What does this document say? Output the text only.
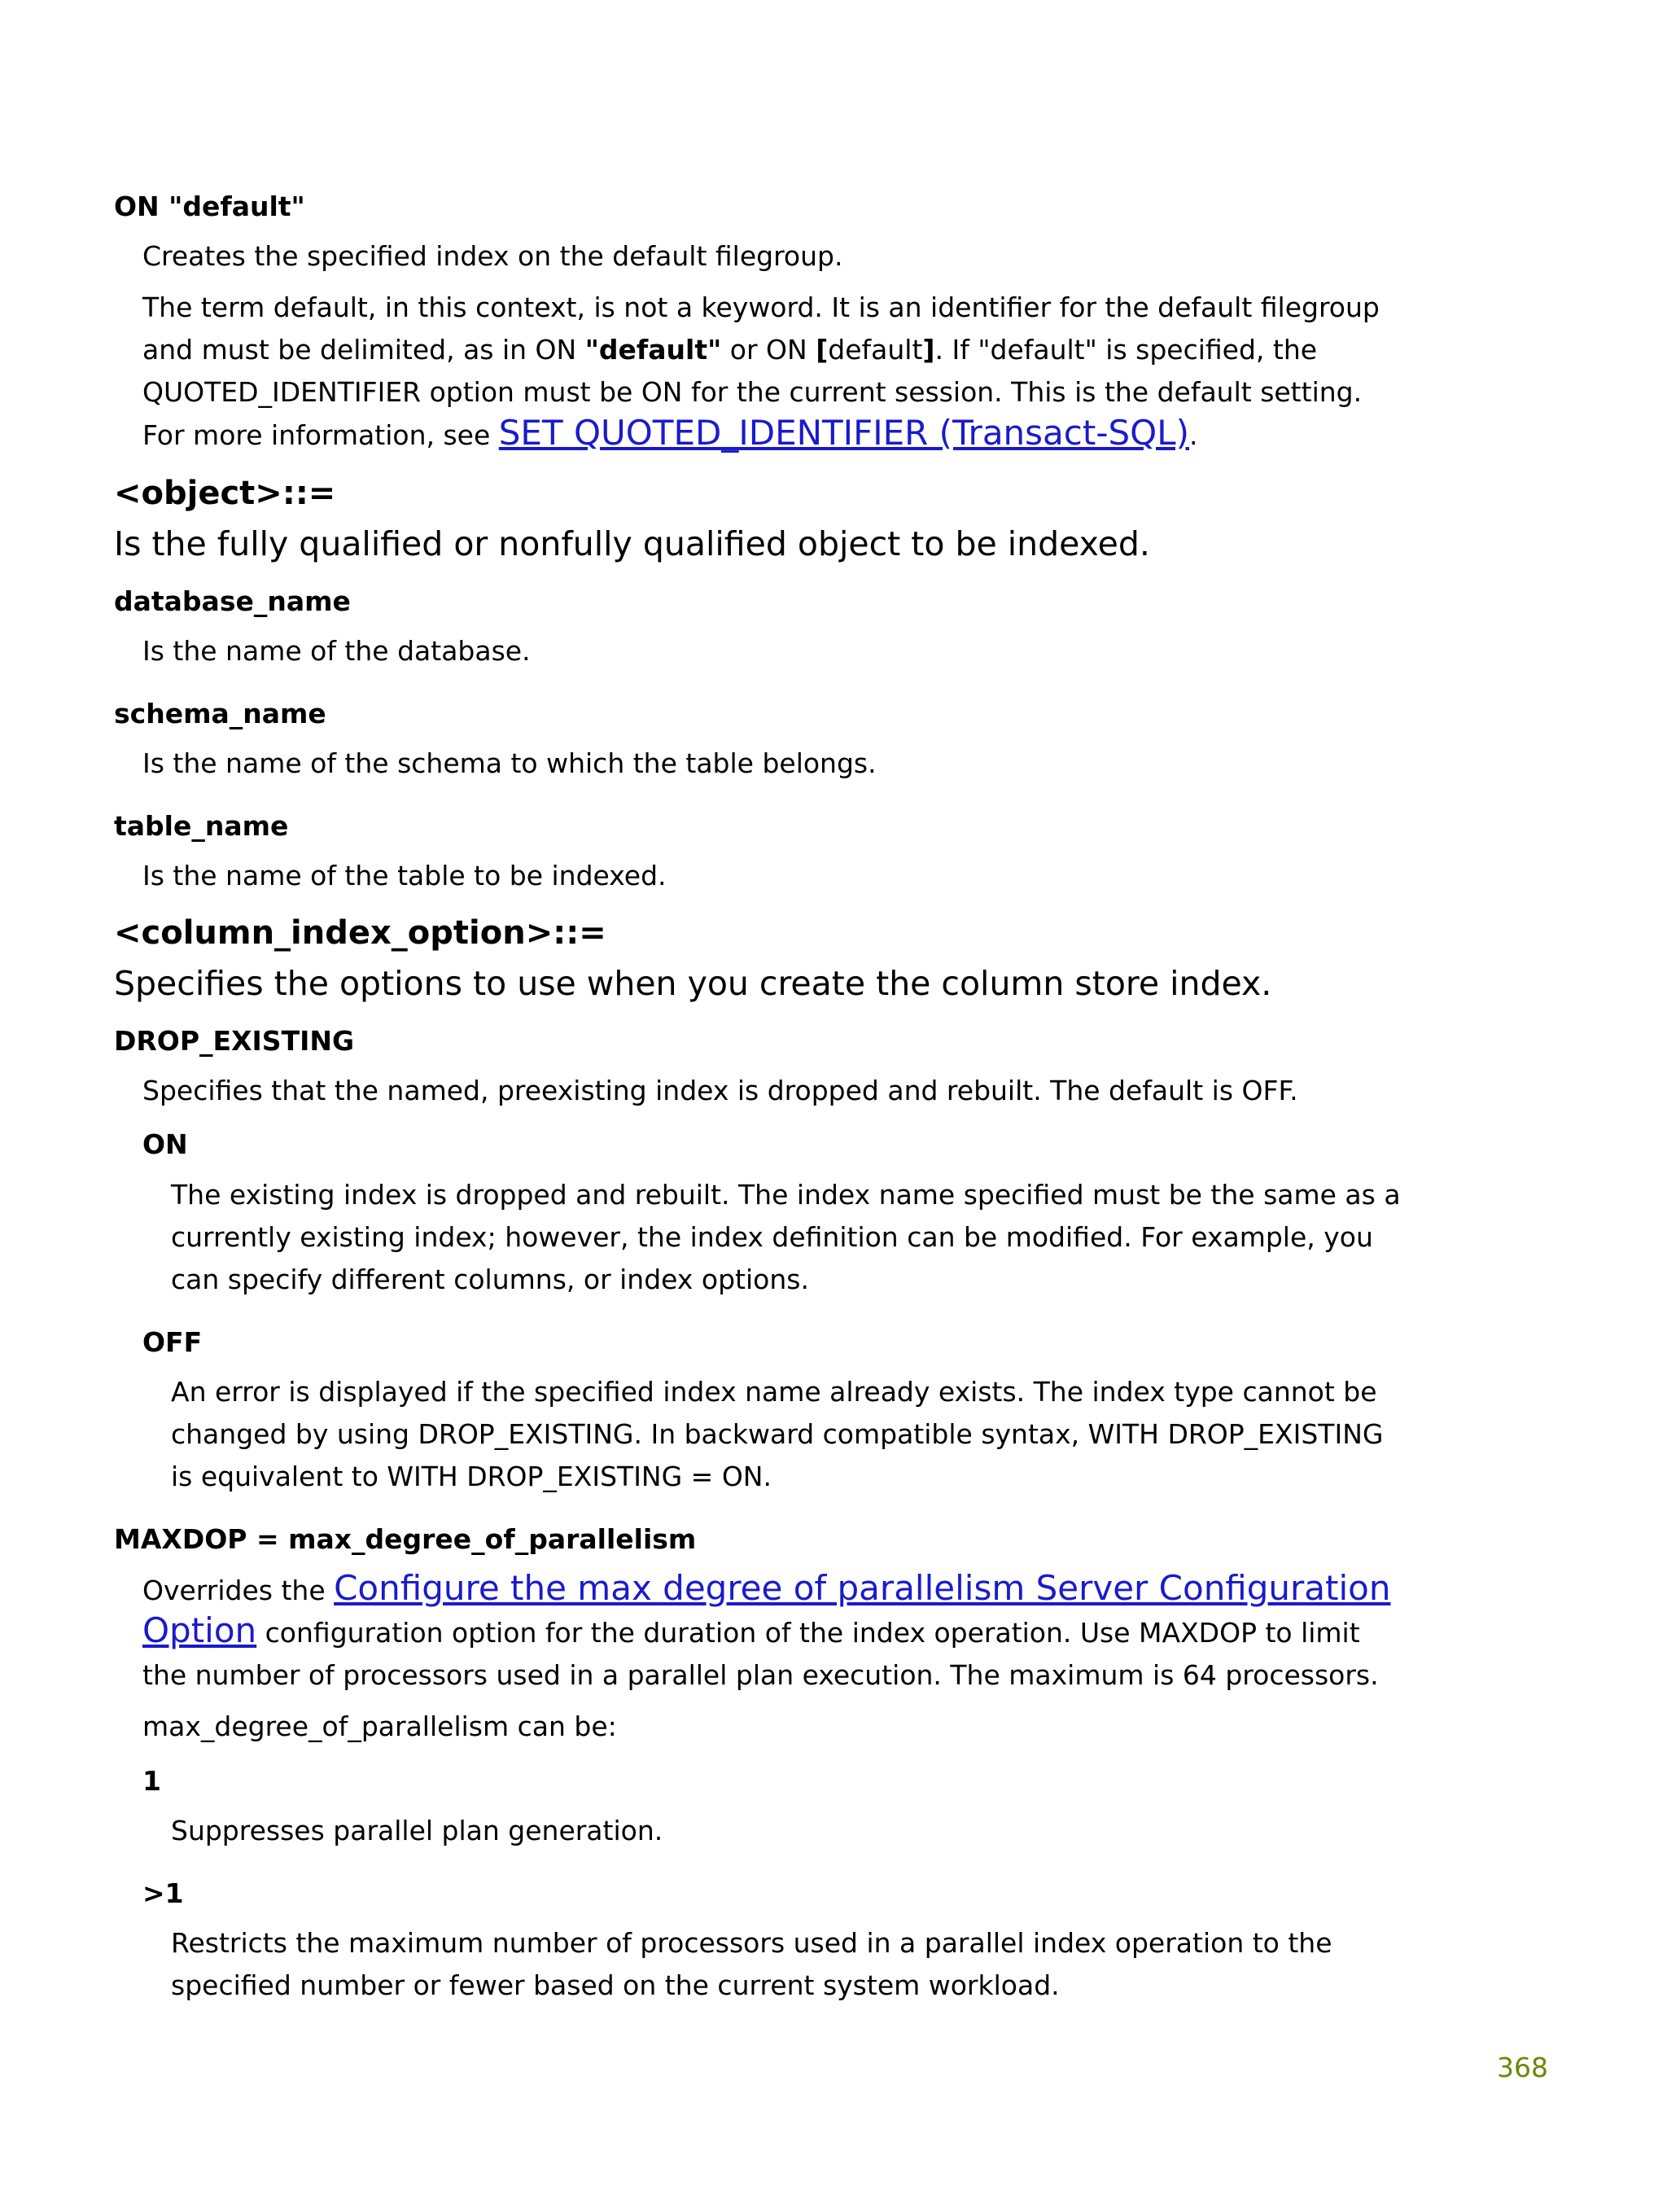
ON "default"
Creates the specified index on the default filegroup.
The term default, in this context, is not a keyword. It is an identifier for the default filegroup
and must be delimited, as in ON "default" or ON [default]. If "default" is specified, the
QUOTED_IDENTIFIER option must be ON for the current session. This is the default setting.
For more information, see SET QUOTED_IDENTIFIER (Transact-SQL).
<object>::=
Is the fully qualified or nonfully qualified object to be indexed.
database_name
Is the name of the database.
schema_name
Is the name of the schema to which the table belongs.
table_name
Is the name of the table to be indexed.
<column_index_option>::=
Specifies the options to use when you create the column store index.
DROP_EXISTING
Specifies that the named, preexisting index is dropped and rebuilt. The default is OFF.
ON
The existing index is dropped and rebuilt. The index name specified must be the same as a
currently existing index; however, the index definition can be modified. For example, you
can specify different columns, or index options.
OFF
An error is displayed if the specified index name already exists. The index type cannot be
changed by using DROP_EXISTING. In backward compatible syntax, WITH DROP_EXISTING
is equivalent to WITH DROP_EXISTING = ON.
MAXDOP = max_degree_of_parallelism
Overrides the Configure the max degree of parallelism Server Configuration
Option configuration option for the duration of the index operation. Use MAXDOP to limit
the number of processors used in a parallel plan execution. The maximum is 64 processors.
max_degree_of_parallelism can be:
1
Suppresses parallel plan generation.
>1
Restricts the maximum number of processors used in a parallel index operation to the
specified number or fewer based on the current system workload.
368
